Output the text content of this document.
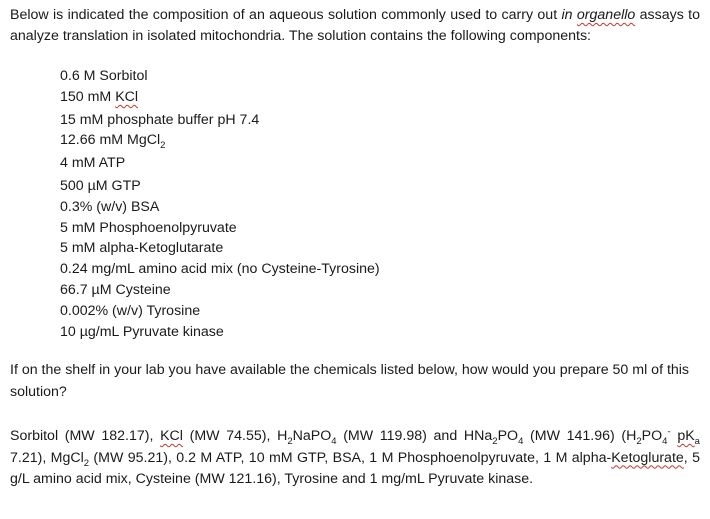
Below is indicated the composition of an aqueous solution commonly used to carry out in organello assays to analyze translation in isolated mitochondria. The solution contains the following components:
0.6 M Sorbitol
150 mM KCl
15 mM phosphate buffer pH 7.4
12.66 mM MgCl$_2$
4 mM ATP
500 µM GTP
0.3% (w/v) BSA
5 mM Phosphoenolpyruvate
5 mM alpha-Ketoglutarate
0.24 mg/mL amino acid mix (no Cysteine-Tyrosine)
66.7 µM Cysteine
0.002% (w/v) Tyrosine
10 µg/mL Pyruvate kinase
If on the shelf in your lab you have available the chemicals listed below, how would you prepare 50 ml of this solution?
Sorbitol (MW 182.17), KCl (MW 74.55), $H_2NaPO_4$ (MW 119.98) and $HNa_2PO_4$ (MW 141.96) ($H_2PO_4^-$ $pK_a$ 7.21), MgCl$_2$ (MW 95.21), 0.2 M ATP, 10 mM GTP, BSA, 1 M Phosphoenolpyruvate, 1 M alpha-Ketoglurate, 5 g/L amino acid mix, Cysteine (MW 121.16), Tyrosine and 1 mg/mL Pyruvate kinase.
